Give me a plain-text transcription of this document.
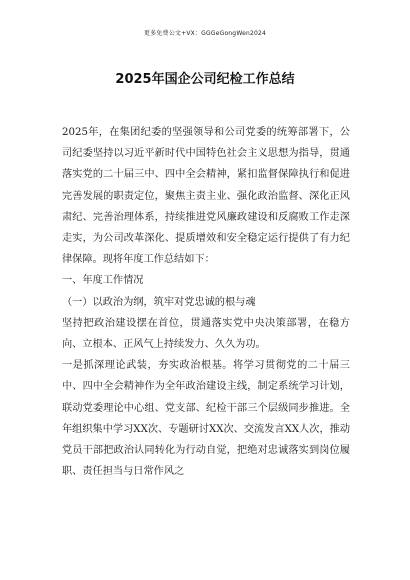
更多免费公文+VX：GGGeGongWen2024
2025年国企公司纪检工作总结

2025年，在集团纪委的坚强领导和公司党委的统筹部署下，公司纪委坚持以习近平新时代中国特色社会主义思想为指导，贯通落实党的二十届三中、四中全会精神，紧扣监督保障执行和促进完善发展的职责定位，聚焦主责主业、强化政治监督、深化正风肃纪、完善治理体系，持续推进党风廉政建设和反腐败工作走深走实，为公司改革深化、提质增效和安全稳定运行提供了有力纪律保障。现将年度工作总结如下：

一、年度工作情况

（一）以政治为纲，筑牢对党忠诚的根与魂

坚持把政治建设摆在首位，贯通落实党中央决策部署，在稳方向、立根本、正风气上持续发力、久久为功。

一是抓深理论武装，夯实政治根基。将学习贯彻党的二十届三中、四中全会精神作为全年政治建设主线，制定系统学习计划，联动党委理论中心组、党支部、纪检干部三个层级同步推进。全年组织集中学习XX次、专题研讨XX次、交流发言XX人次，推动党员干部把政治认同转化为行动自觉，把绝对忠诚落实到岗位履职、责任担当与日常作风之
